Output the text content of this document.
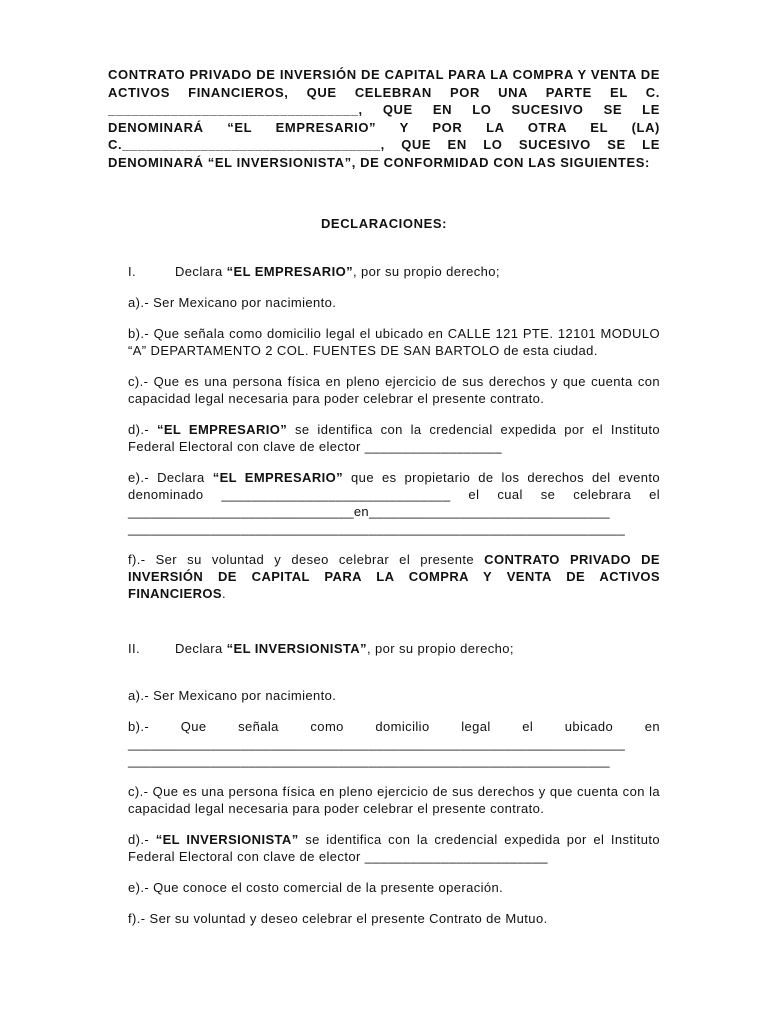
CONTRATO PRIVADO DE INVERSIÓN DE CAPITAL PARA LA COMPRA Y VENTA DE ACTIVOS FINANCIEROS, QUE CELEBRAN POR UNA PARTE EL C. ________________________________, QUE EN LO SUCESIVO SE LE DENOMINARÁ “EL EMPRESARIO” Y POR LA OTRA EL (LA) C._________________________________, QUE EN LO SUCESIVO SE LE DENOMINARÁ “EL INVERSIONISTA”, DE CONFORMIDAD CON LAS SIGUIENTES:

DECLARACIONES:
I.	Declara “EL EMPRESARIO”, por su propio derecho;

a).- Ser Mexicano por nacimiento.

b).- Que señala como domicilio legal el ubicado en CALLE 121 PTE. 12101 MODULO “A” DEPARTAMENTO 2 COL. FUENTES DE SAN BARTOLO de esta ciudad.

c).- Que es una persona física en pleno ejercicio de sus derechos y que cuenta con capacidad legal necesaria para poder celebrar el presente contrato.

d).- “EL EMPRESARIO” se identifica con la credencial expedida por el Instituto Federal Electoral con clave de elector __________________

e).- Declara “EL EMPRESARIO” que es propietario de los derechos del evento
denominado ______________________________ el cual se celebrara el
______________________________en________________________________
__________________________________________________________________

f).- Ser su voluntad y deseo celebrar el presente CONTRATO PRIVADO DE INVERSIÓN DE CAPITAL PARA LA COMPRA Y VENTA DE ACTIVOS FINANCIEROS.

II.	Declara “EL INVERSIONISTA”, por su propio derecho;

a).- Ser Mexicano por nacimiento.

b).- Que señala como domicilio legal el ubicado en
__________________________________________________________________
________________________________________________________________

c).- Que es una persona física en pleno ejercicio de sus derechos y que cuenta con la capacidad legal necesaria para poder celebrar el presente contrato.

d).- “EL INVERSIONISTA” se identifica con la credencial expedida por el Instituto Federal Electoral con clave de elector ________________________

e).- Que conoce el costo comercial de la presente operación.

f).- Ser su voluntad y deseo celebrar el presente Contrato de Mutuo.
